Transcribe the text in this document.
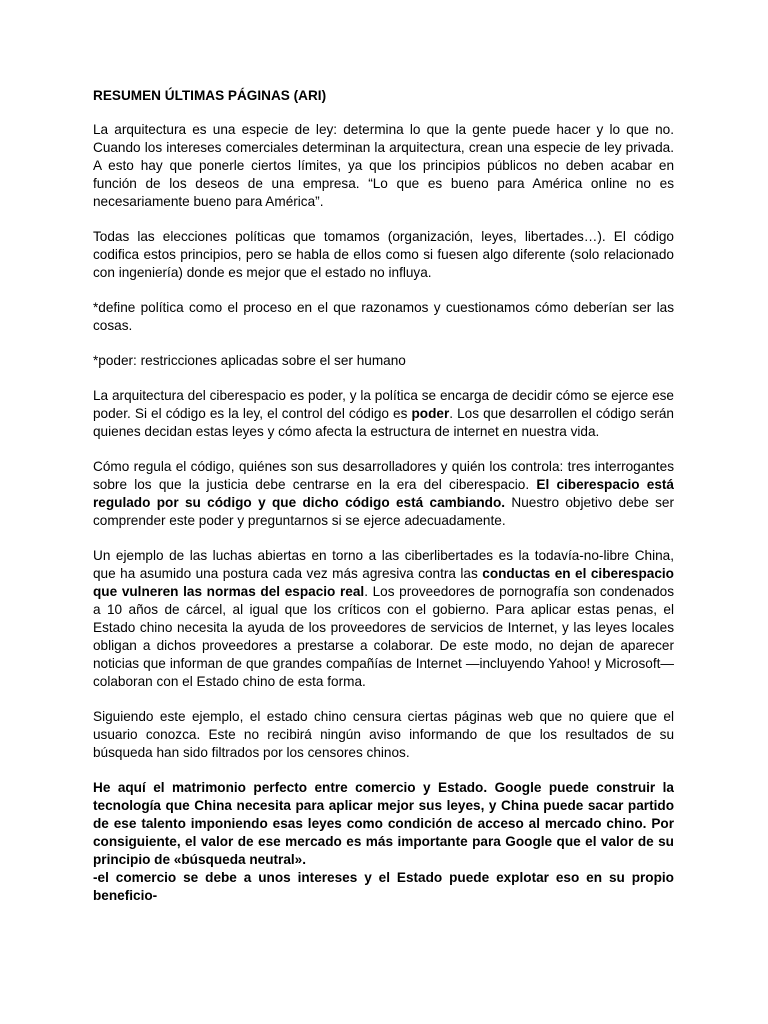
RESUMEN ÚLTIMAS PÁGINAS (ARI)

La arquitectura es una especie de ley: determina lo que la gente puede hacer y lo que no. Cuando los intereses comerciales determinan la arquitectura, crean una especie de ley privada. A esto hay que ponerle ciertos límites, ya que los principios públicos no deben acabar en función de los deseos de una empresa. “Lo que es bueno para América online no es necesariamente bueno para América”.

Todas las elecciones políticas que tomamos (organización, leyes, libertades…). El código codifica estos principios, pero se habla de ellos como si fuesen algo diferente (solo relacionado con ingeniería) donde es mejor que el estado no influya.

*define política como el proceso en el que razonamos y cuestionamos cómo deberían ser las cosas.

*poder: restricciones aplicadas sobre el ser humano

La arquitectura del ciberespacio es poder, y la política se encarga de decidir cómo se ejerce ese poder. Si el código es la ley, el control del código es poder. Los que desarrollen el código serán quienes decidan estas leyes y cómo afecta la estructura de internet en nuestra vida.

Cómo regula el código, quiénes son sus desarrolladores y quién los controla: tres interrogantes sobre los que la justicia debe centrarse en la era del ciberespacio. El ciberespacio está regulado por su código y que dicho código está cambiando. Nuestro objetivo debe ser comprender este poder y preguntarnos si se ejerce adecuadamente.

Un ejemplo de las luchas abiertas en torno a las ciberlibertades es la todavía-no-libre China, que ha asumido una postura cada vez más agresiva contra las conductas en el ciberespacio que vulneren las normas del espacio real. Los proveedores de pornografía son condenados a 10 años de cárcel, al igual que los críticos con el gobierno. Para aplicar estas penas, el Estado chino necesita la ayuda de los proveedores de servicios de Internet, y las leyes locales obligan a dichos proveedores a prestarse a colaborar. De este modo, no dejan de aparecer noticias que informan de que grandes compañías de Internet —incluyendo Yahoo! y Microsoft— colaboran con el Estado chino de esta forma.

Siguiendo este ejemplo, el estado chino censura ciertas páginas web que no quiere que el usuario conozca. Este no recibirá ningún aviso informando de que los resultados de su búsqueda han sido filtrados por los censores chinos.

He aquí el matrimonio perfecto entre comercio y Estado. Google puede construir la tecnología que China necesita para aplicar mejor sus leyes, y China puede sacar partido de ese talento imponiendo esas leyes como condición de acceso al mercado chino. Por consiguiente, el valor de ese mercado es más importante para Google que el valor de su principio de «búsqueda neutral».

-el comercio se debe a unos intereses y el Estado puede explotar eso en su propio beneficio-
